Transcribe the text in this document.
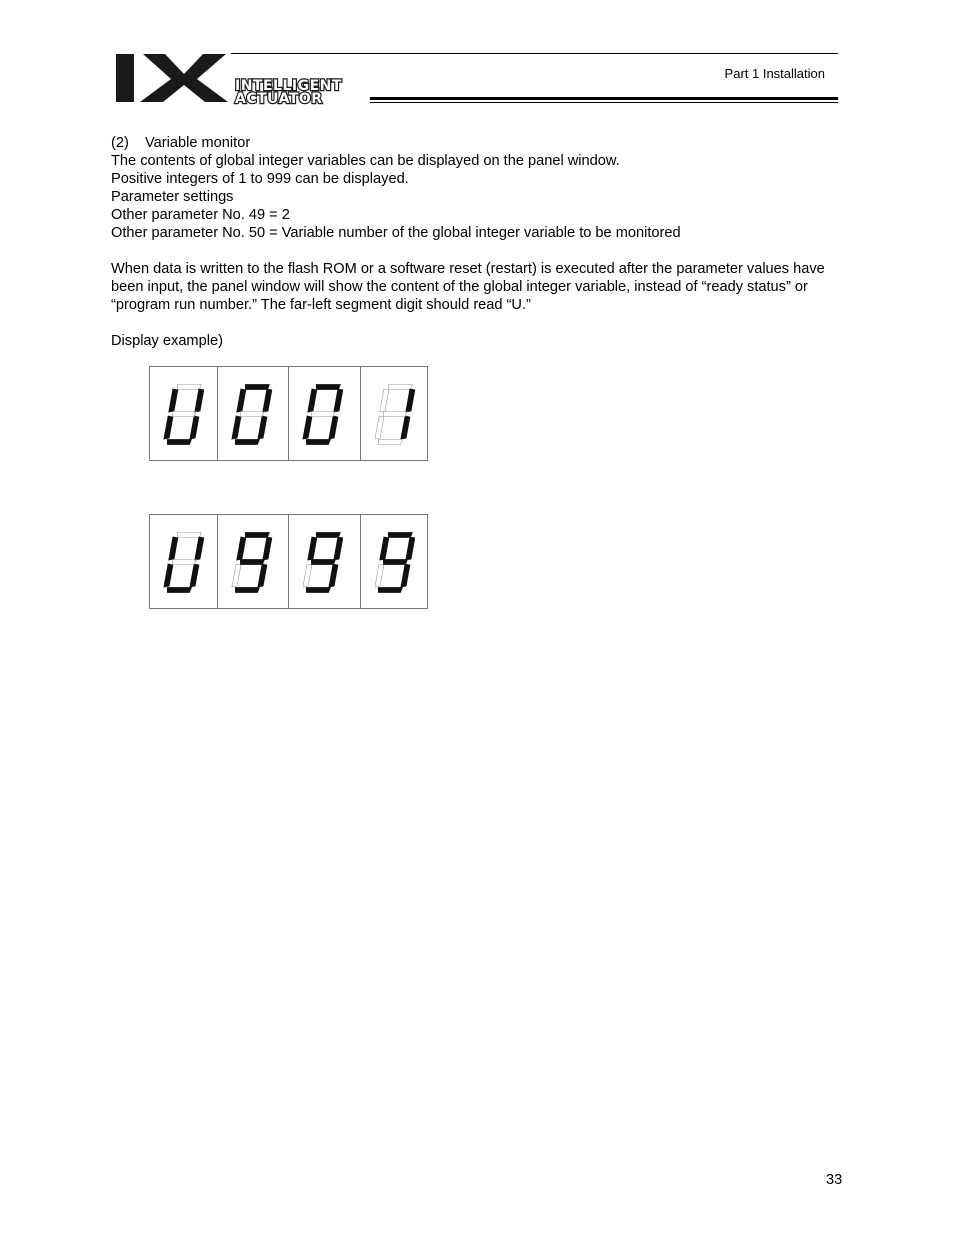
INTELLIGENT
ACTUATOR
Part 1 Installation

(2) Variable monitor

The contents of global integer variables can be displayed on the panel window.

Positive integers of 1 to 999 can be displayed.

Parameter settings

Other parameter No. 49 = 2

Other parameter No. 50 = Variable number of the global integer variable to be monitored

When data is written to the flash ROM or a software reset (restart) is executed after the parameter values have been input, the panel window will show the content of the global integer variable, instead of “ready status” or “program run number.” The far-left segment digit should read “U.”

Display example)

33
